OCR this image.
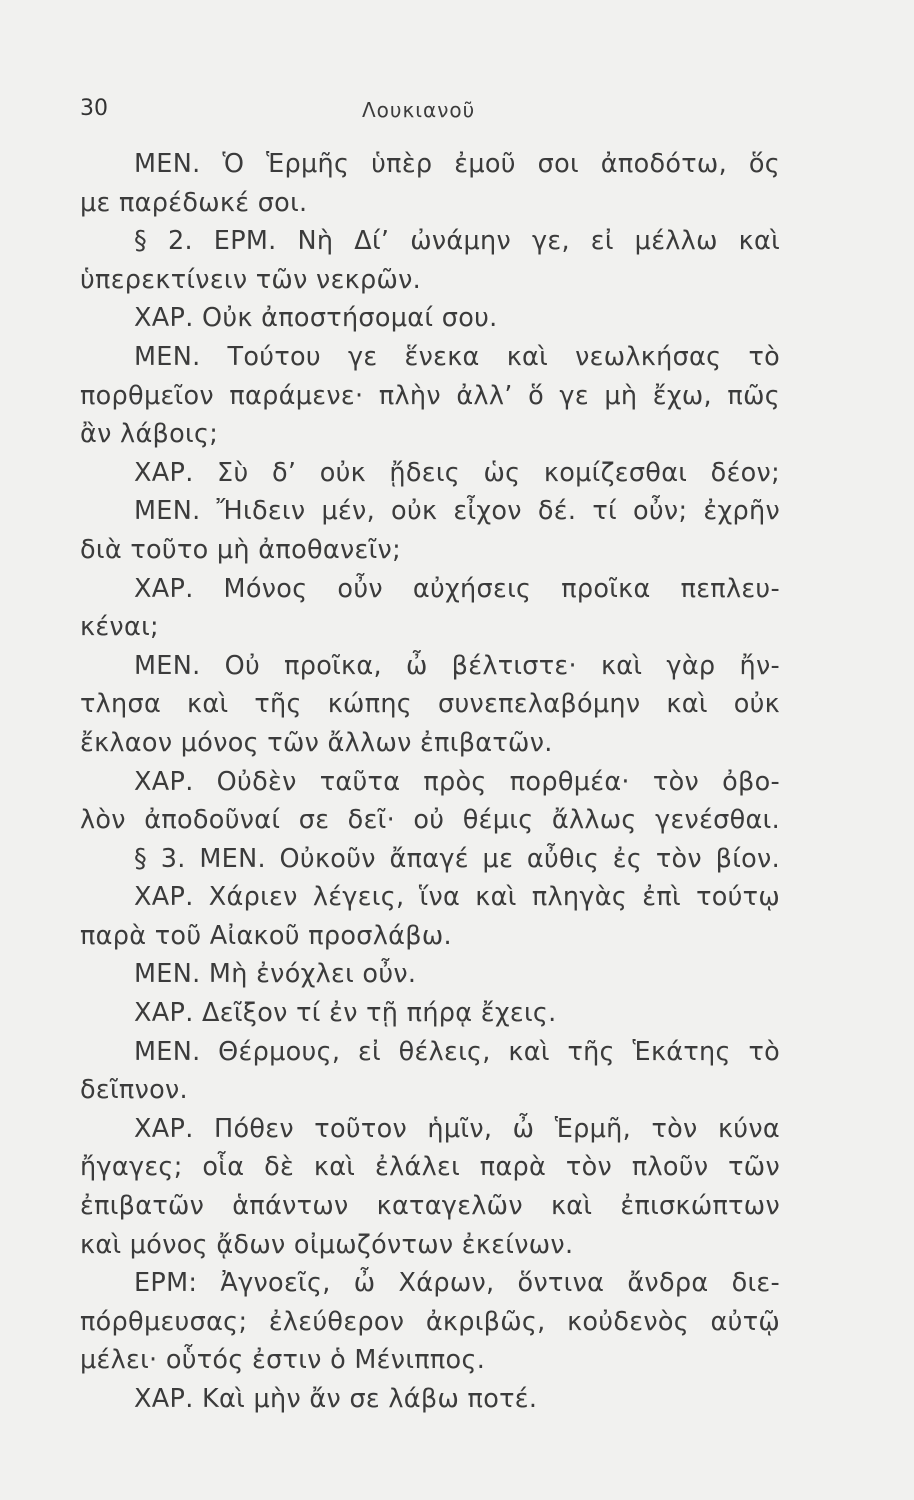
30	Λουκιανοῦ
ΜΕΝ. Ὁ Ἑρμῆς ὑπὲρ ἐμοῦ σοι ἀποδότω, ὅς
με παρέδωκέ σοι.
§ 2. ΕΡΜ. Νὴ Δί’ ὠνάμην γε, εἰ μέλλω καὶ
ὑπερεκτίνειν τῶν νεκρῶν.
ΧΑΡ. Οὐκ ἀποστήσομαί σου.
ΜΕΝ. Τούτου γε ἕνεκα καὶ νεωλκήσας τὸ
πορθμεῖον παράμενε· πλὴν ἀλλ’ ὅ γε μὴ ἔχω, πῶς
ἂν λάβοις;
ΧΑΡ. Σὺ δ’ οὐκ ᾔδεις ὡς κομίζεσθαι δέον;
ΜΕΝ. Ἤιδειν μέν, οὐκ εἶχον δέ. τί οὖν; ἐχρῆν
διὰ τοῦτο μὴ ἀποθανεῖν;
ΧΑΡ. Μόνος οὖν αὐχήσεις προῖκα πεπλευ-
κέναι;
ΜΕΝ. Οὐ προῖκα, ὦ βέλτιστε· καὶ γὰρ ἤν-
τλησα καὶ τῆς κώπης συνεπελαβόμην καὶ οὐκ
ἔκλαον μόνος τῶν ἄλλων ἐπιβατῶν.
ΧΑΡ. Οὐδὲν ταῦτα πρὸς πορθμέα· τὸν ὀβο-
λὸν ἀποδοῦναί σε δεῖ· οὐ θέμις ἄλλως γενέσθαι.
§ 3. ΜΕΝ. Οὐκοῦν ἄπαγέ με αὖθις ἐς τὸν βίον.
ΧΑΡ. Χάριεν λέγεις, ἵνα καὶ πληγὰς ἐπὶ τούτῳ
παρὰ τοῦ Αἰακοῦ προσλάβω.
ΜΕΝ. Μὴ ἐνόχλει οὖν.
ΧΑΡ. Δεῖξον τί ἐν τῇ πήρᾳ ἔχεις.
ΜΕΝ. Θέρμους, εἰ θέλεις, καὶ τῆς Ἑκάτης τὸ
δεῖπνον.
ΧΑΡ. Πόθεν τοῦτον ἡμῖν, ὦ Ἑρμῆ, τὸν κύνα
ἤγαγες; οἷα δὲ καὶ ἐλάλει παρὰ τὸν πλοῦν τῶν
ἐπιβατῶν ἁπάντων καταγελῶν καὶ ἐπισκώπτων
καὶ μόνος ᾄδων οἰμωζόντων ἐκείνων.
ΕΡΜ: Ἀγνοεῖς, ὦ Χάρων, ὅντινα ἄνδρα διε-
πόρθμευσας; ἐλεύθερον ἀκριβῶς, κοὐδενὸς αὐτῷ
μέλει· οὗτός ἐστιν ὁ Μένιππος.
ΧΑΡ. Καὶ μὴν ἄν σε λάβω ποτέ.
